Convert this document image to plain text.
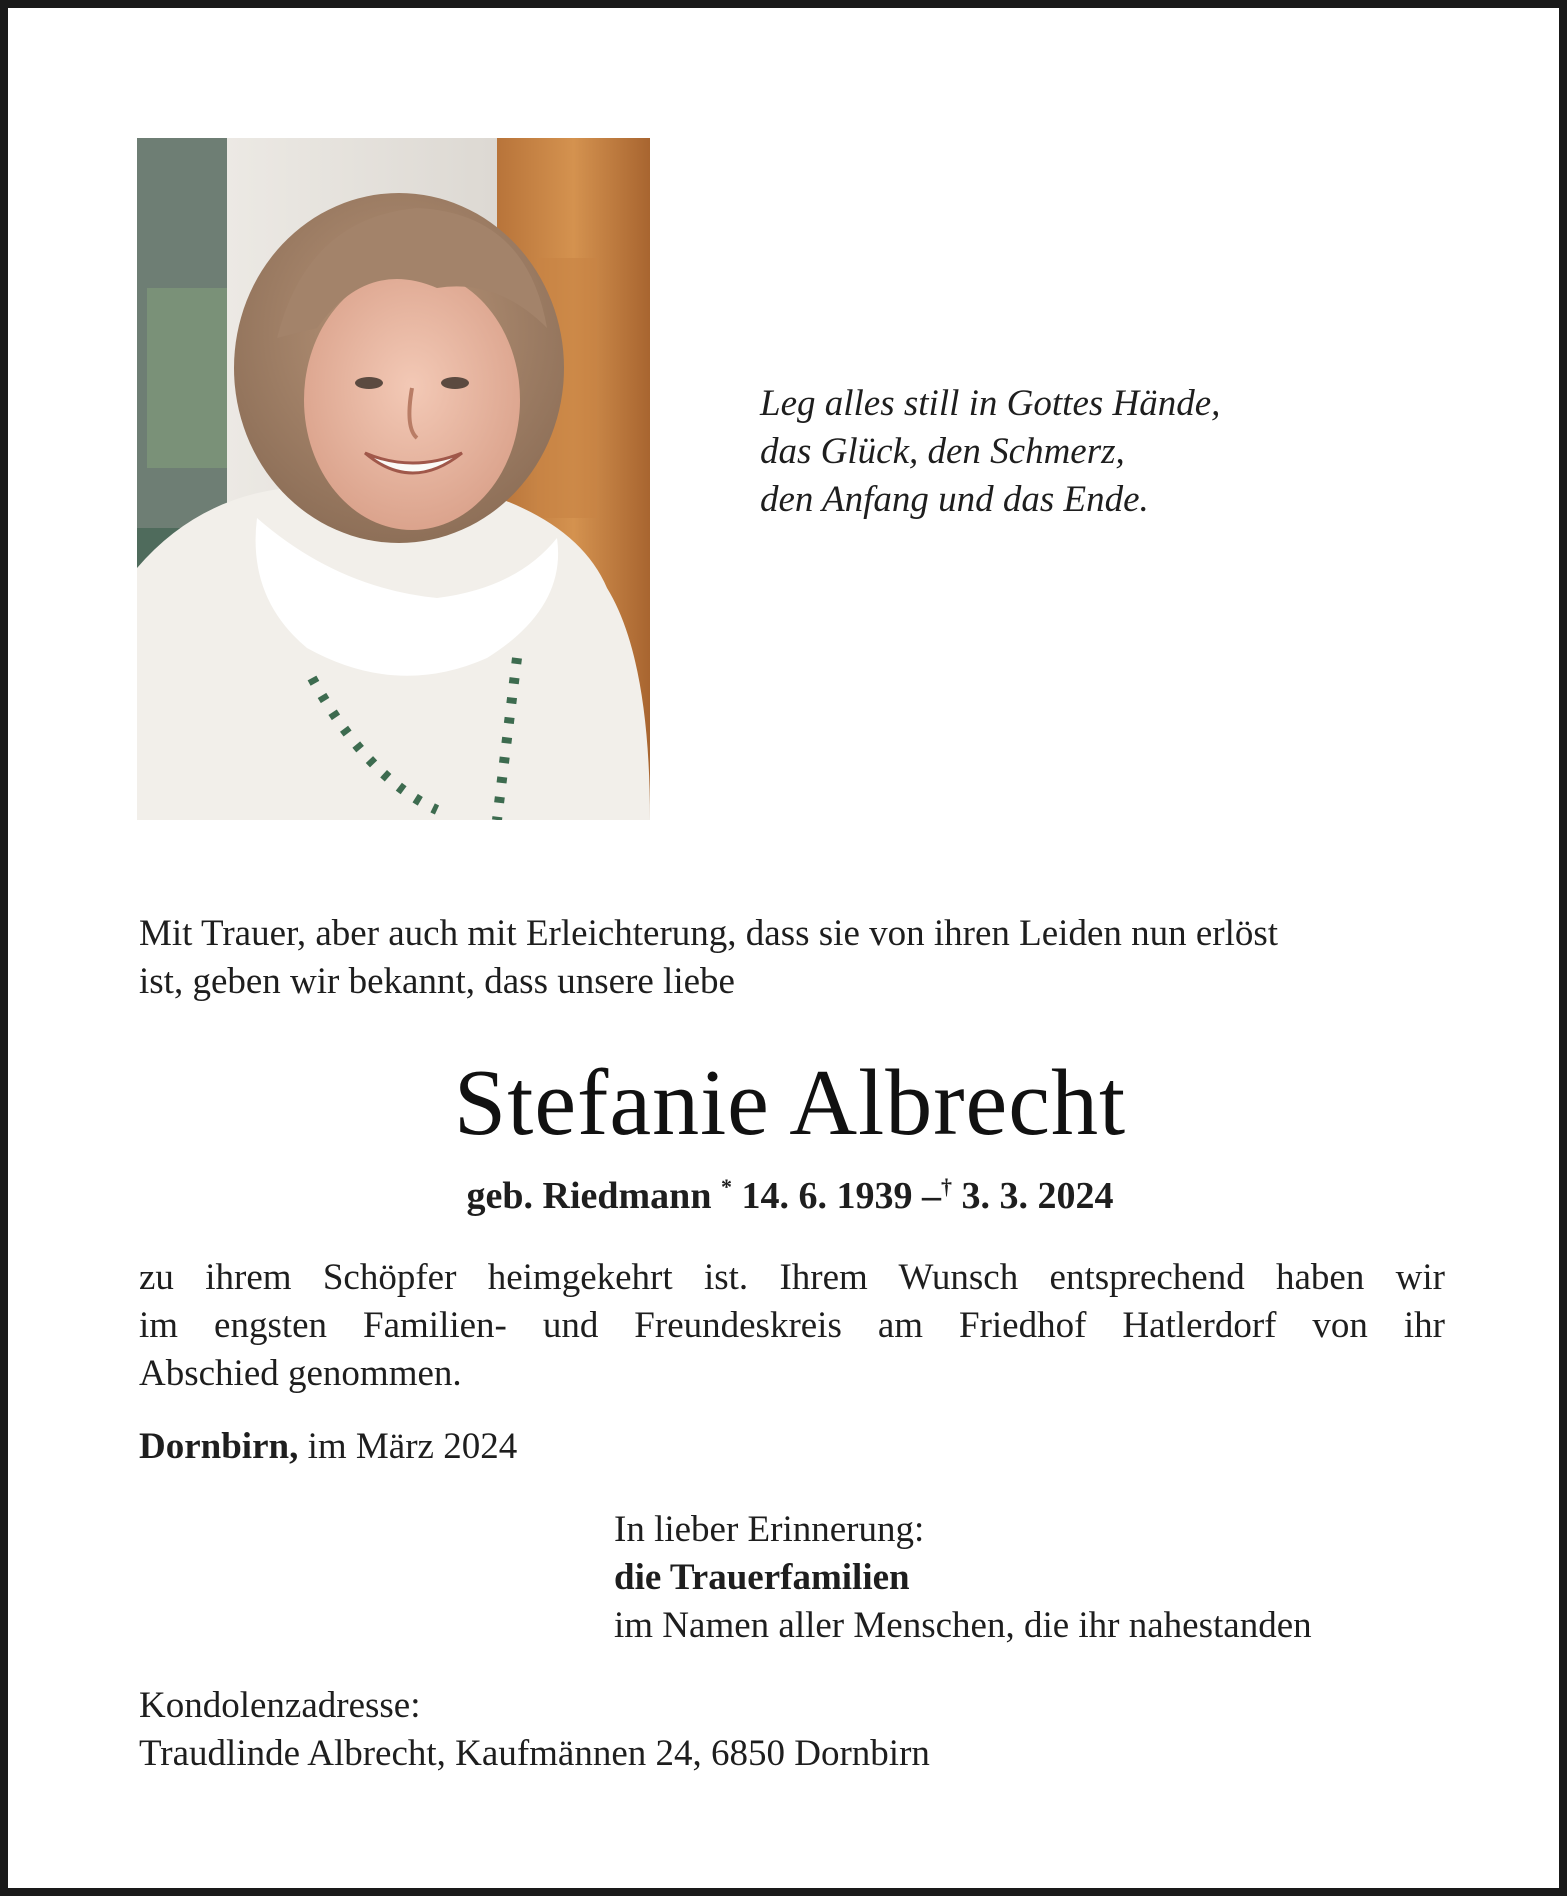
Leg alles still in Gottes Hände,
das Glück, den Schmerz,
den Anfang und das Ende.
Mit Trauer, aber auch mit Erleichterung, dass sie von ihren Leiden nun erlöst
ist, geben wir bekannt, dass unsere liebe
Stefanie Albrecht
geb. Riedmann * 14. 6. 1939 –† 3. 3. 2024
zu ihrem Schöpfer heimgekehrt ist. Ihrem Wunsch entsprechend haben wir
im engsten Familien- und Freundeskreis am Friedhof Hatlerdorf von ihr
Abschied genommen.
Dornbirn, im März 2024
In lieber Erinnerung:
die Trauerfamilien
im Namen aller Menschen, die ihr nahestanden
Kondolenzadresse:
Traudlinde Albrecht, Kaufmännen 24, 6850 Dornbirn
